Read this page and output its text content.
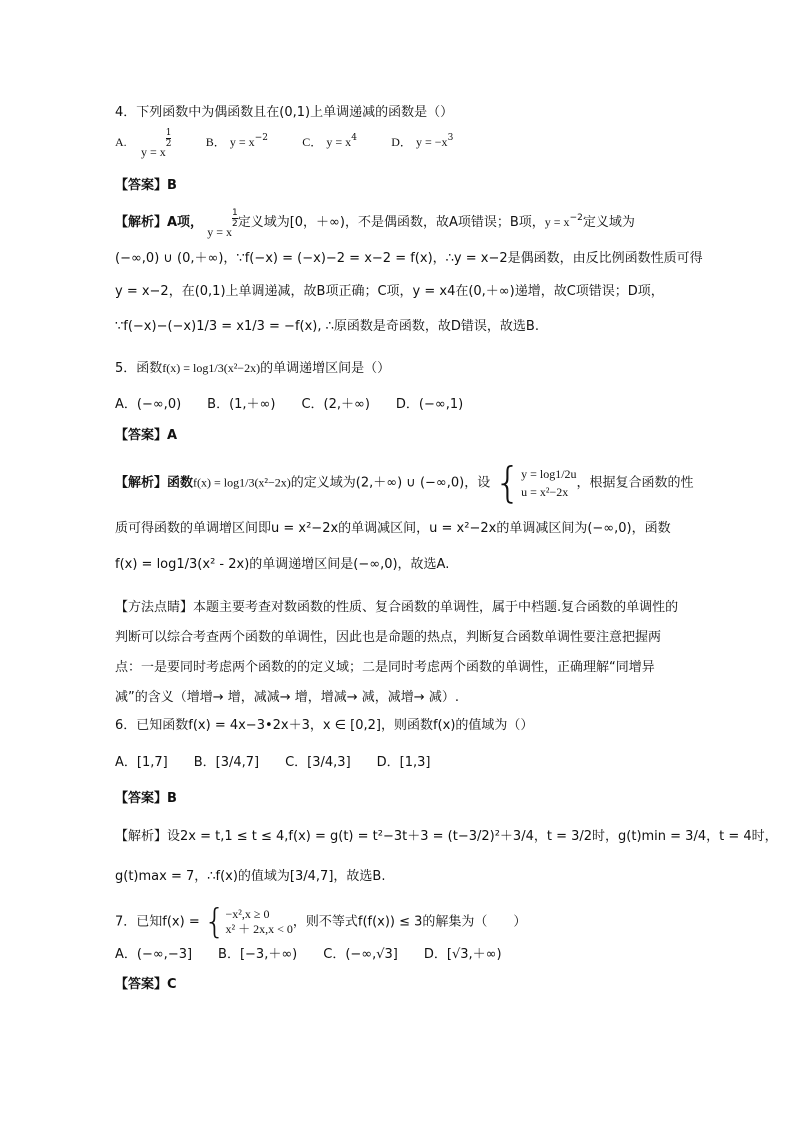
4．下列函数中为偶函数且在(0,1)上单调递减的函数是（）
A.  y = x
$\frac{1}{2}$	B． $y = x^{-2}$	C． $y = x^4$	D． $y = -x^3$
【答案】B
【解析】A项， y = x
$\frac{1}{2}$ 定义域为[0，＋∞)，不是偶函数，故A项错误；B项，$y = x^{-2}$定义域为
(−∞,0) ∪ (0,＋∞)，∵f(−x) = (−x)−2 = x−2 = f(x)，∴y = x−2是偶函数，由反比例函数性质可得
y = x−2，在(0,1)上单调递减，故B项正确；C项，y = x4在(0,＋∞)递增，故C项错误；D项，
∵f(−x)−(−x)1/3 = x1/3 = −f(x), ∴原函数是奇函数，故D错误，故选B.
5．函数f(x) = log1/3(x²−2x)的单调递增区间是（）
A．(−∞,0)　　B．(1,＋∞)　　C．(2,＋∞)　　D．(−∞,1)
【答案】A
【解析】函数f(x) = log1/3(x²−2x)的定义域为(2,＋∞) ∪ (−∞,0)，设 { y = log1/2u
u = x²−2x
，根据复合函数的性
质可得函数的单调增区间即u = x²−2x的单调减区间，u = x²−2x的单调减区间为(−∞,0)，函数
f(x) = log1/3(x² - 2x)的单调递增区间是(−∞,0)，故选A.
【方法点睛】本题主要考查对数函数的性质、复合函数的单调性，属于中档题.复合函数的单调性的判断可以综合考查两个函数的单调性，因此也是命题的热点，判断复合函数单调性要注意把握两点：一是要同时考虑两个函数的的定义域；二是同时考虑两个函数的单调性，正确理解“同增异减”的含义（增增→ 增，减减→ 增，增减→ 减，减增→ 减）.
6．已知函数f(x) = 4x−3•2x＋3，x ∈ [0,2]，则函数f(x)的值域为（）
A．[1,7]　　B．[3/4,7]　　C．[3/4,3]　　D．[1,3]
【答案】B
【解析】设2x = t,1 ≤ t ≤ 4,f(x) = g(t) = t²−3t＋3 = (t−3/2)²＋3/4，t = 3/2时，g(t)min = 3/4，t = 4时，
g(t)max = 7，∴f(x)的值域为[3/4,7]，故选B.
7．已知f(x) = { −x²,x ≥ 0
x² ＋ 2x,x < 0 ，则不等式f(f(x)) ≤ 3的解集为（　　）
A．(−∞,−3]　　B．[−3,＋∞)　　C．(−∞,√3]　　D．[√3,＋∞)
【答案】C
